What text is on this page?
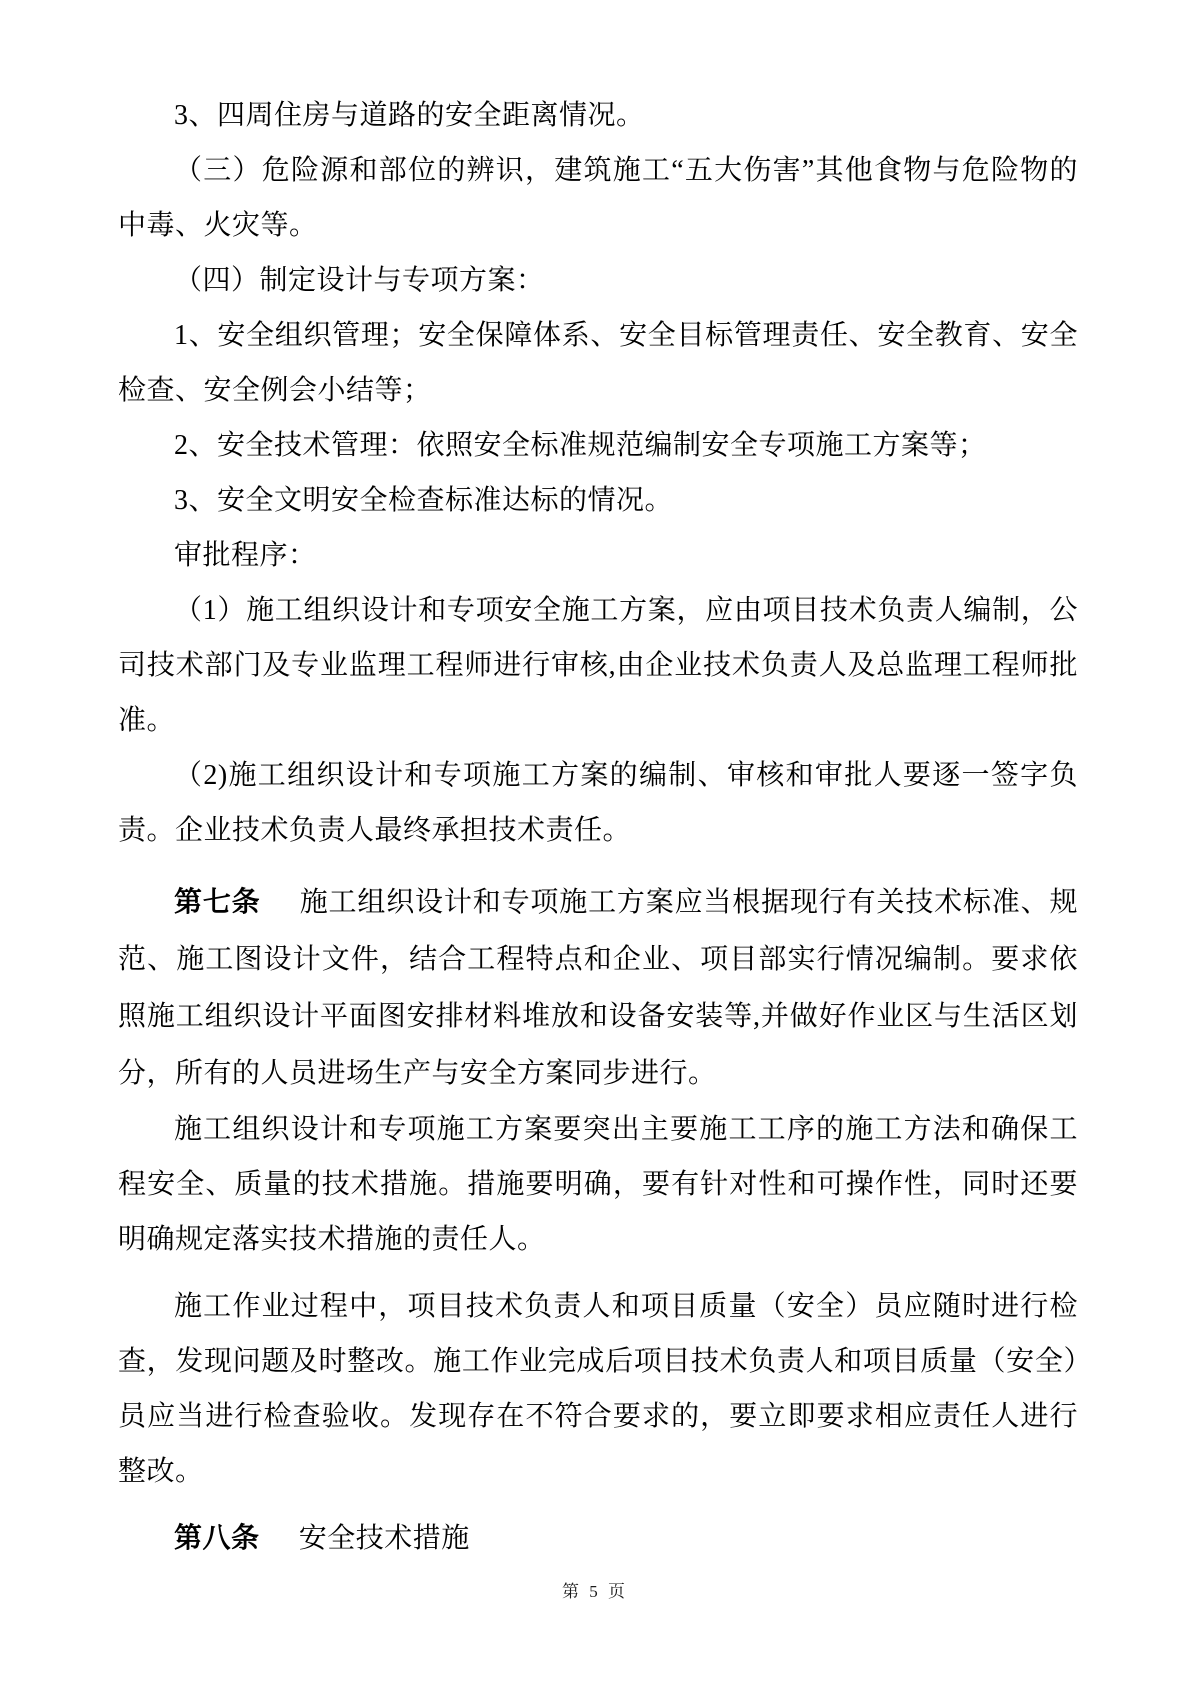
3、四周住房与道路的安全距离情况。

（三）危险源和部位的辨识，建筑施工“五大伤害”其他食物与危险物的中毒、火灾等。

（四）制定设计与专项方案：

1、安全组织管理；安全保障体系、安全目标管理责任、安全教育、安全检查、安全例会小结等；

2、安全技术管理：依照安全标准规范编制安全专项施工方案等；

3、安全文明安全检查标准达标的情况。

审批程序：

（1）施工组织设计和专项安全施工方案，应由项目技术负责人编制，公司技术部门及专业监理工程师进行审核,由企业技术负责人及总监理工程师批准。

（2)施工组织设计和专项施工方案的编制、审核和审批人要逐一签字负责。企业技术负责人最终承担技术责任。

第七条 施工组织设计和专项施工方案应当根据现行有关技术标准、规范、施工图设计文件，结合工程特点和企业、项目部实行情况编制。要求依照施工组织设计平面图安排材料堆放和设备安装等,并做好作业区与生活区划分，所有的人员进场生产与安全方案同步进行。

施工组织设计和专项施工方案要突出主要施工工序的施工方法和确保工程安全、质量的技术措施。措施要明确，要有针对性和可操作性，同时还要明确规定落实技术措施的责任人。

施工作业过程中，项目技术负责人和项目质量（安全）员应随时进行检查，发现问题及时整改。施工作业完成后项目技术负责人和项目质量（安全）员应当进行检查验收。发现存在不符合要求的，要立即要求相应责任人进行整改。

第八条 安全技术措施

第 5 页
